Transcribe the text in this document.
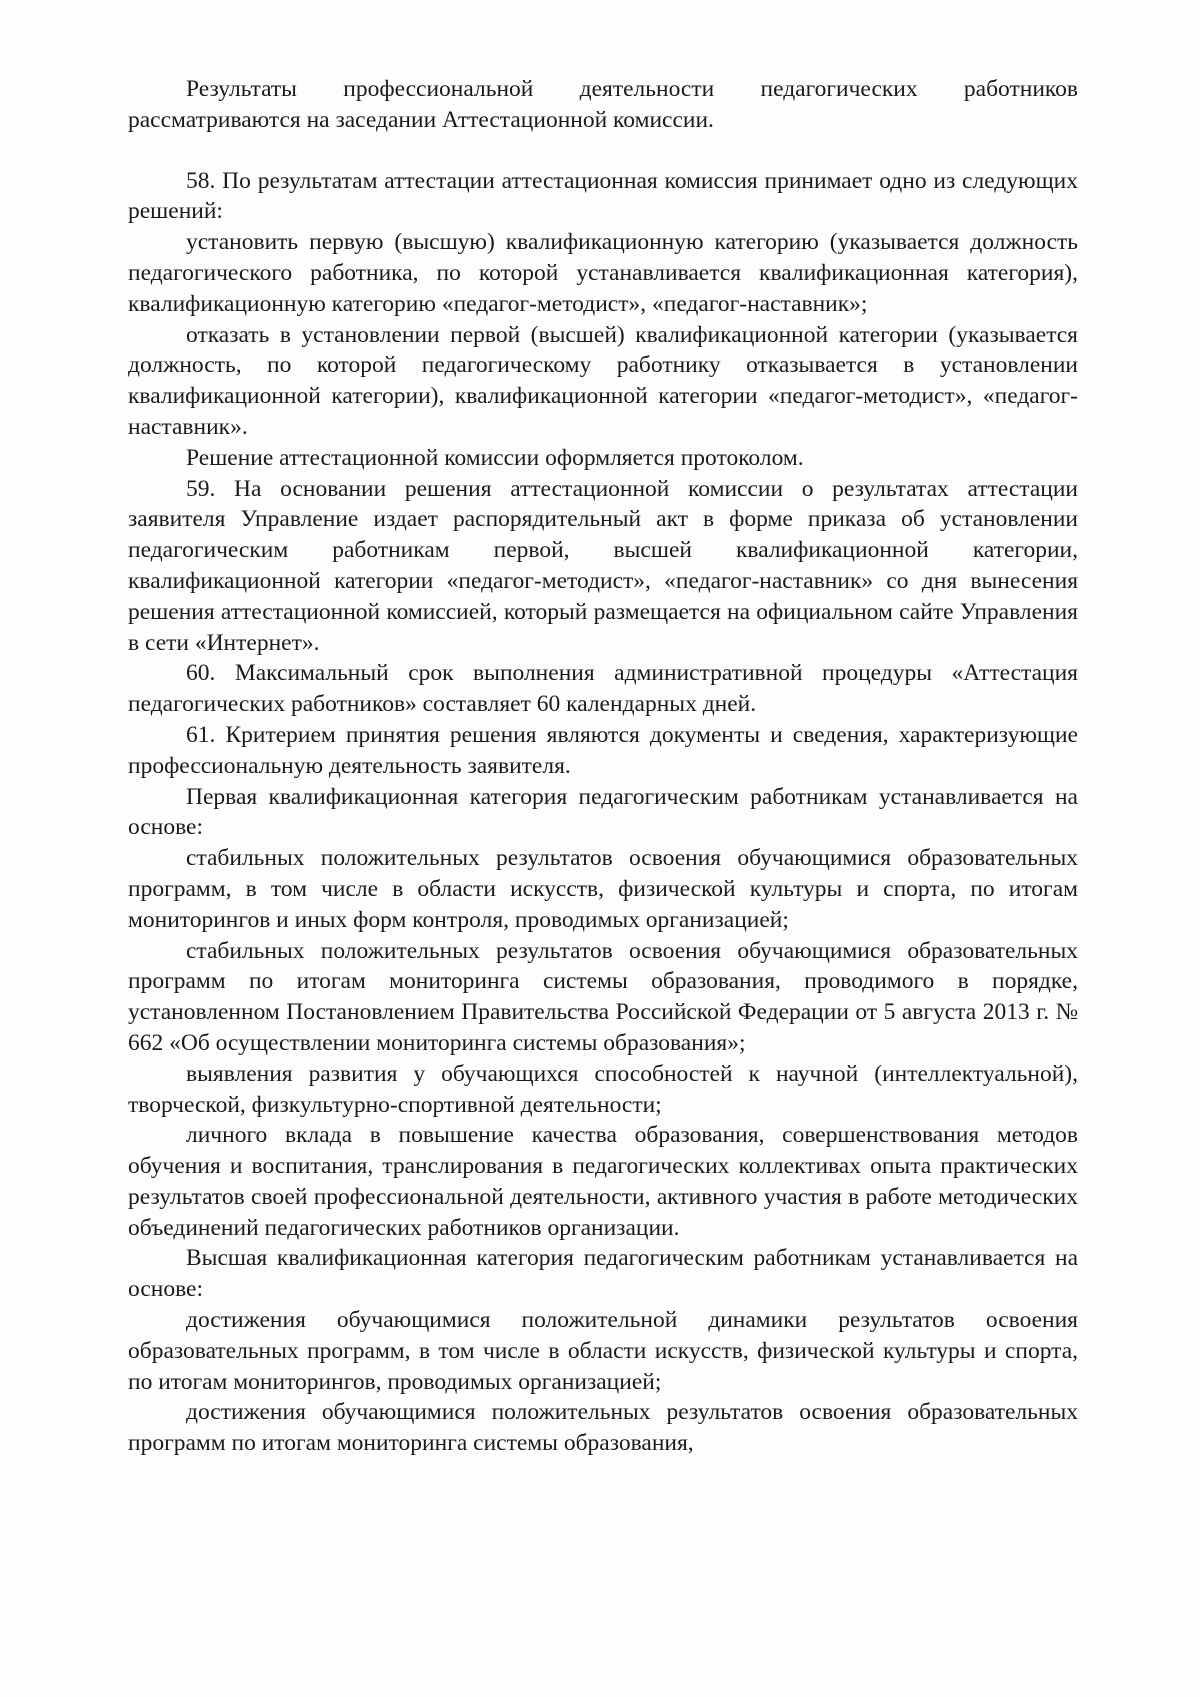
Результаты профессиональной деятельности педагогических работников рассматриваются на заседании Аттестационной комиссии.

58. По результатам аттестации аттестационная комиссия принимает одно из следующих решений:

установить первую (высшую) квалификационную категорию (указывается должность педагогического работника, по которой устанавливается квалификационная категория), квалификационную категорию «педагог-методист», «педагог-наставник»;

отказать в установлении первой (высшей) квалификационной категории (указывается должность, по которой педагогическому работнику отказывается в установлении квалификационной категории), квалификационной категории «педагог-методист», «педагог-наставник».

Решение аттестационной комиссии оформляется протоколом.

59. На основании решения аттестационной комиссии о результатах аттестации заявителя Управление издает распорядительный акт в форме приказа об установлении педагогическим работникам первой, высшей квалификационной категории, квалификационной категории «педагог-методист», «педагог-наставник» со дня вынесения решения аттестационной комиссией, который размещается на официальном сайте Управления в сети «Интернет».

60. Максимальный срок выполнения административной процедуры «Аттестация педагогических работников» составляет 60 календарных дней.

61. Критерием принятия решения являются документы и сведения, характеризующие профессиональную деятельность заявителя.

Первая квалификационная категория педагогическим работникам устанавливается на основе:

стабильных положительных результатов освоения обучающимися образовательных программ, в том числе в области искусств, физической культуры и спорта, по итогам мониторингов и иных форм контроля, проводимых организацией;

стабильных положительных результатов освоения обучающимися образовательных программ по итогам мониторинга системы образования, проводимого в порядке, установленном Постановлением Правительства Российской Федерации от 5 августа 2013 г. № 662 «Об осуществлении мониторинга системы образования»;

выявления развития у обучающихся способностей к научной (интеллектуальной), творческой, физкультурно-спортивной деятельности;

личного вклада в повышение качества образования, совершенствования методов обучения и воспитания, транслирования в педагогических коллективах опыта практических результатов своей профессиональной деятельности, активного участия в работе методических объединений педагогических работников организации.

Высшая квалификационная категория педагогическим работникам устанавливается на основе:

достижения обучающимися положительной динамики результатов освоения образовательных программ, в том числе в области искусств, физической культуры и спорта, по итогам мониторингов, проводимых организацией;

достижения обучающимися положительных результатов освоения образовательных программ по итогам мониторинга системы образования,
